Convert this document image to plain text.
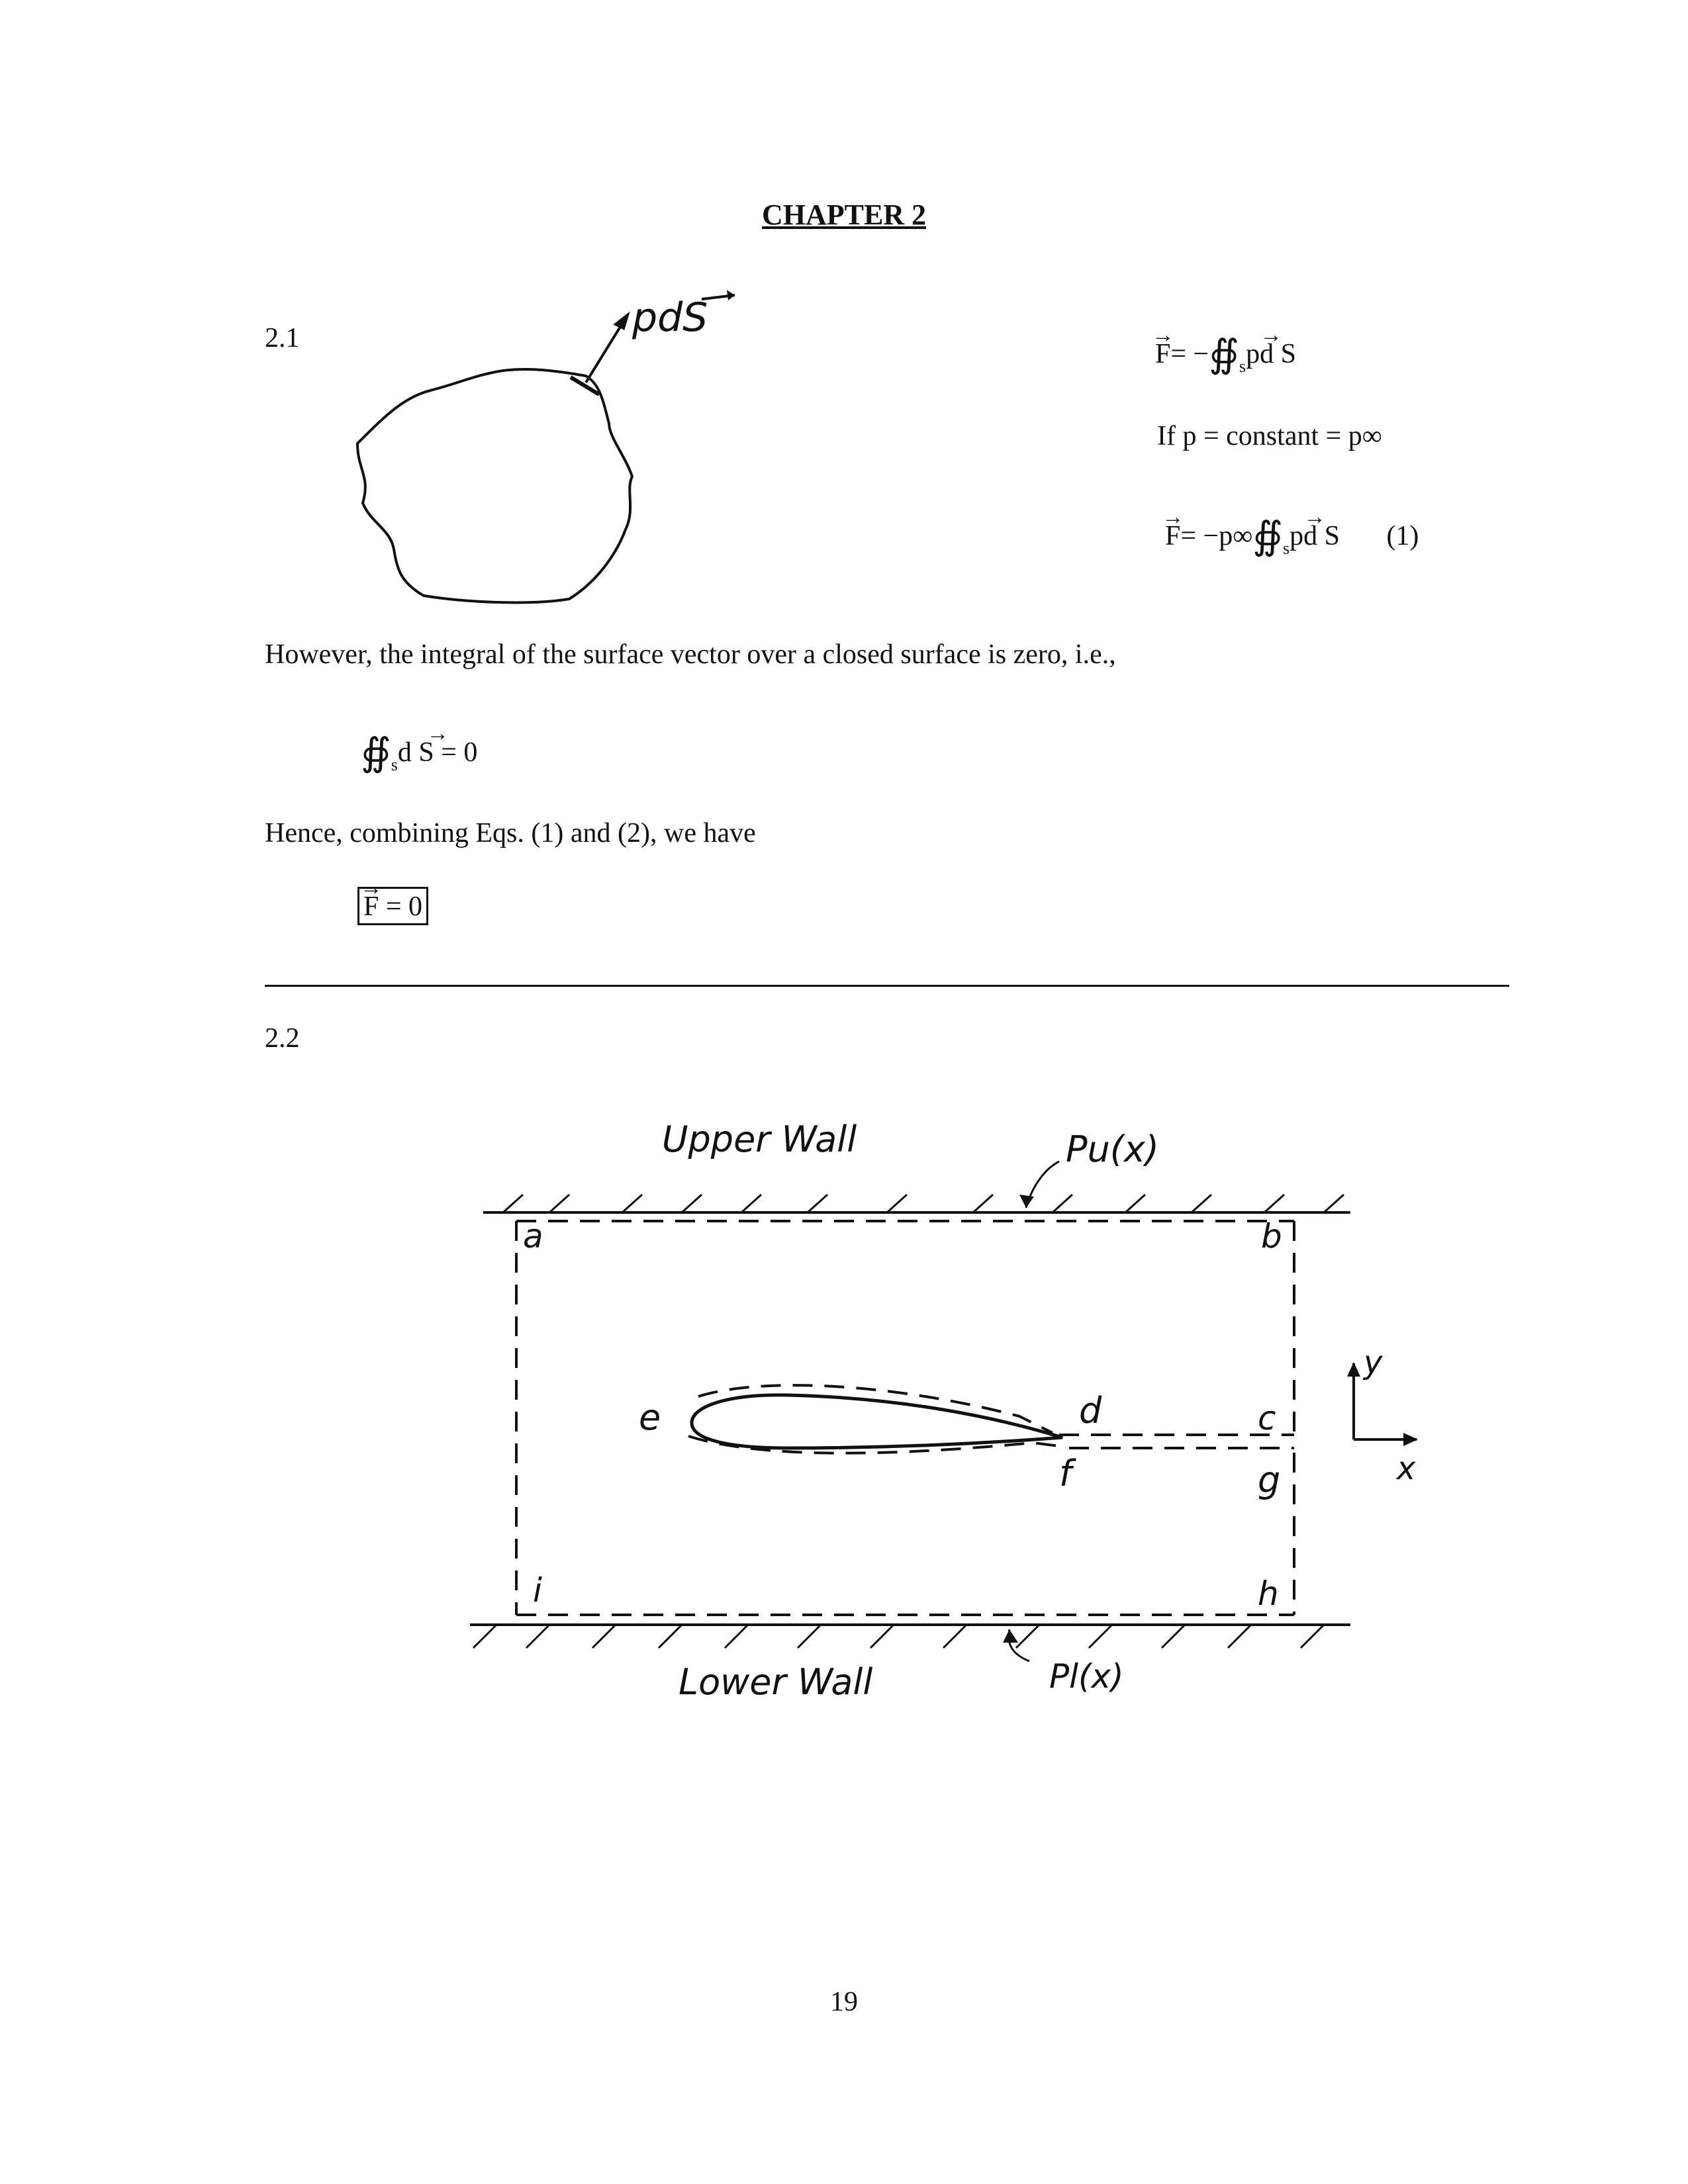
CHAPTER 2
2.1	pdS
→ $F= -∯_s\to$ pd S
If p = constant = p∞
→ $F= -p\infty∯_s\to$ pd S (1)
However, the integral of the surface vector over a closed surface is zero, i.e.,
$∯_s\to d$ S = 0
Hence, combining Eqs. (1) and (2), we have
→ F = 0
2.2
Upper Wall	Pu(x)
Lower Wall	Pl(x)
a	b
c
d
e
f	g
h
i
x
y
19
